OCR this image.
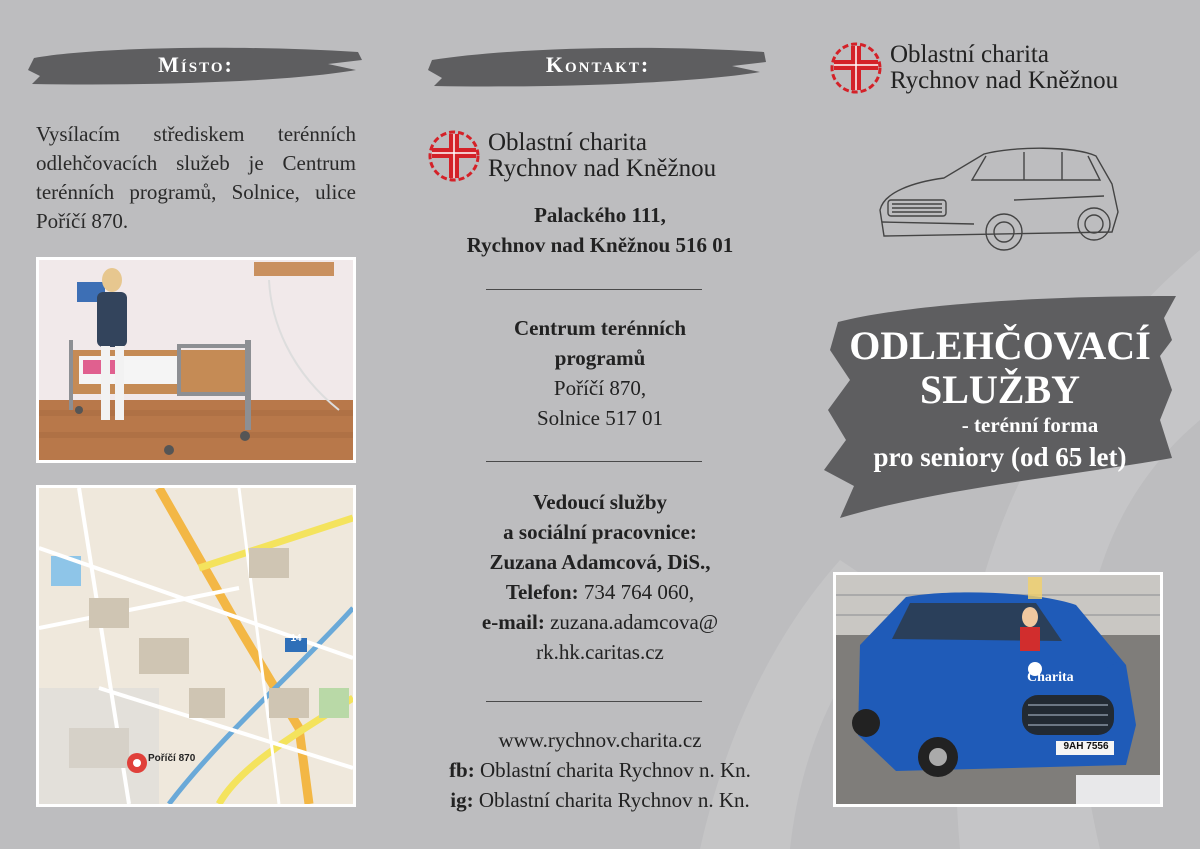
Místo:
Vysílacím střediskem terénních odlehčovacích služeb je Centrum terénních programů, Solnice, ulice Poříčí 870.
14
Poříčí 870
Kontakt:
Oblastní charita
Rychnov nad Kněžnou
Palackého 111,
Rychnov nad Kněžnou 516 01
Centrum terénních
programů
Poříčí 870,
Solnice 517 01
Vedoucí služby
a sociální pracovnice:
Zuzana Adamcová, DiS.,
Telefon: 734 764 060,
e-mail: zuzana.adamcova@
rk.hk.caritas.cz
www.rychnov.charita.cz
fb: Oblastní charita Rychnov n. Kn.
ig: Oblastní charita Rychnov n. Kn.
Oblastní charita
Rychnov nad Kněžnou
ODLEHČOVACÍ
SLUŽBY
- terénní forma
pro seniory (od 65 let)
Charita
9AH 7556
